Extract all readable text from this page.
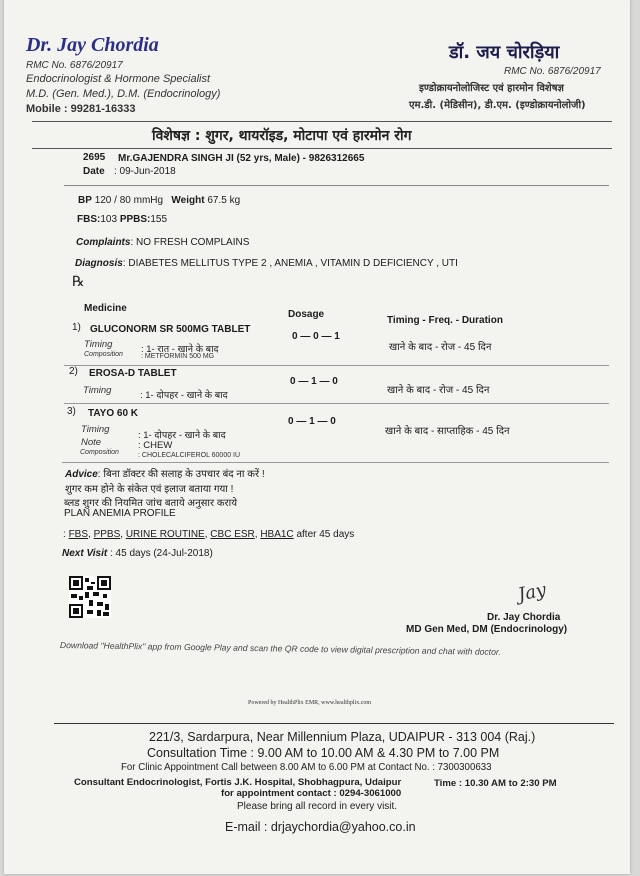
Dr. Jay Chordia
RMC No. 6876/20917
Endocrinologist & Hormone Specialist
M.D. (Gen. Med.), D.M. (Endocrinology)
Mobile : 99281-16333
डॉ. जय चोरड़िया
RMC No. 6876/20917
इण्डोक्रायनोलोजिस्ट एवं हारमोन विशेषज्ञ
एम.डी. (मेडिसीन), डी.एम. (इण्डोक्रायनोलोजी)
विशेषज्ञ : शुगर, थायरॉइड, मोटापा एवं हारमोन रोग
2695 Mr.GAJENDRA SINGH JI (52 yrs, Male) - 9826312665
Date : 09-Jun-2018
BP 120 / 80 mmHg Weight 67.5 kg
FBS:103 PPBS:155
Complaints: NO FRESH COMPLAINS
Diagnosis: DIABETES MELLITUS TYPE 2 , ANEMIA , VITAMIN D DEFICIENCY , UTI
℞
Medicine
Dosage
Timing - Freq. - Duration
1) GLUCONORM SR 500MG TABLET
0 — 0 — 1
खाने के बाद - रोज - 45 दिन
Timing	: 1- रात - खाने के बाद
Composition	: METFORMIN 500 MG
2) EROSA-D TABLET
0 — 1 — 0
खाने के बाद - रोज - 45 दिन
Timing	: 1- दोपहर - खाने के बाद
3) TAYO 60 K
0 — 1 — 0
खाने के बाद - साप्ताहिक - 45 दिन
Timing
: 1- दोपहर - खाने के बाद
Note	: CHEW
Composition	: CHOLECALCIFEROL 60000 IU
Advice: बिना डॉक्टर की सलाह के उपचार बंद ना करें !
शुगर कम होने के संकेत एवं इलाज बताया गया !
ब्लड शुगर की नियमित जांच बताये अनुसार कराये
PLAN ANEMIA PROFILE
: FBS, PPBS, URINE ROUTINE, CBC ESR, HBA1C after 45 days
Next Visit : 45 days (24-Jul-2018)
Jay
Dr. Jay Chordia
MD Gen Med, DM (Endocrinology)
Download "HealthPlix" app from Google Play and scan the QR code to view digital prescription and chat with doctor.
Powered by HealthPlix EMR, www.healthplix.com
221/3, Sardarpura, Near Millennium Plaza, UDAIPUR - 313 004 (Raj.)
Consultation Time : 9.00 AM to 10.00 AM & 4.30 PM to 7.00 PM
For Clinic Appointment Call between 8.00 AM to 6.00 PM at Contact No. : 7300300633
Consultant Endocrinologist, Fortis J.K. Hospital, Shobhagpura, Udaipur	Time : 10.30 AM to 2:30 PM
for appointment contact : 0294-3061000
Please bring all record in every visit.
E-mail : drjaychordia@yahoo.co.in
